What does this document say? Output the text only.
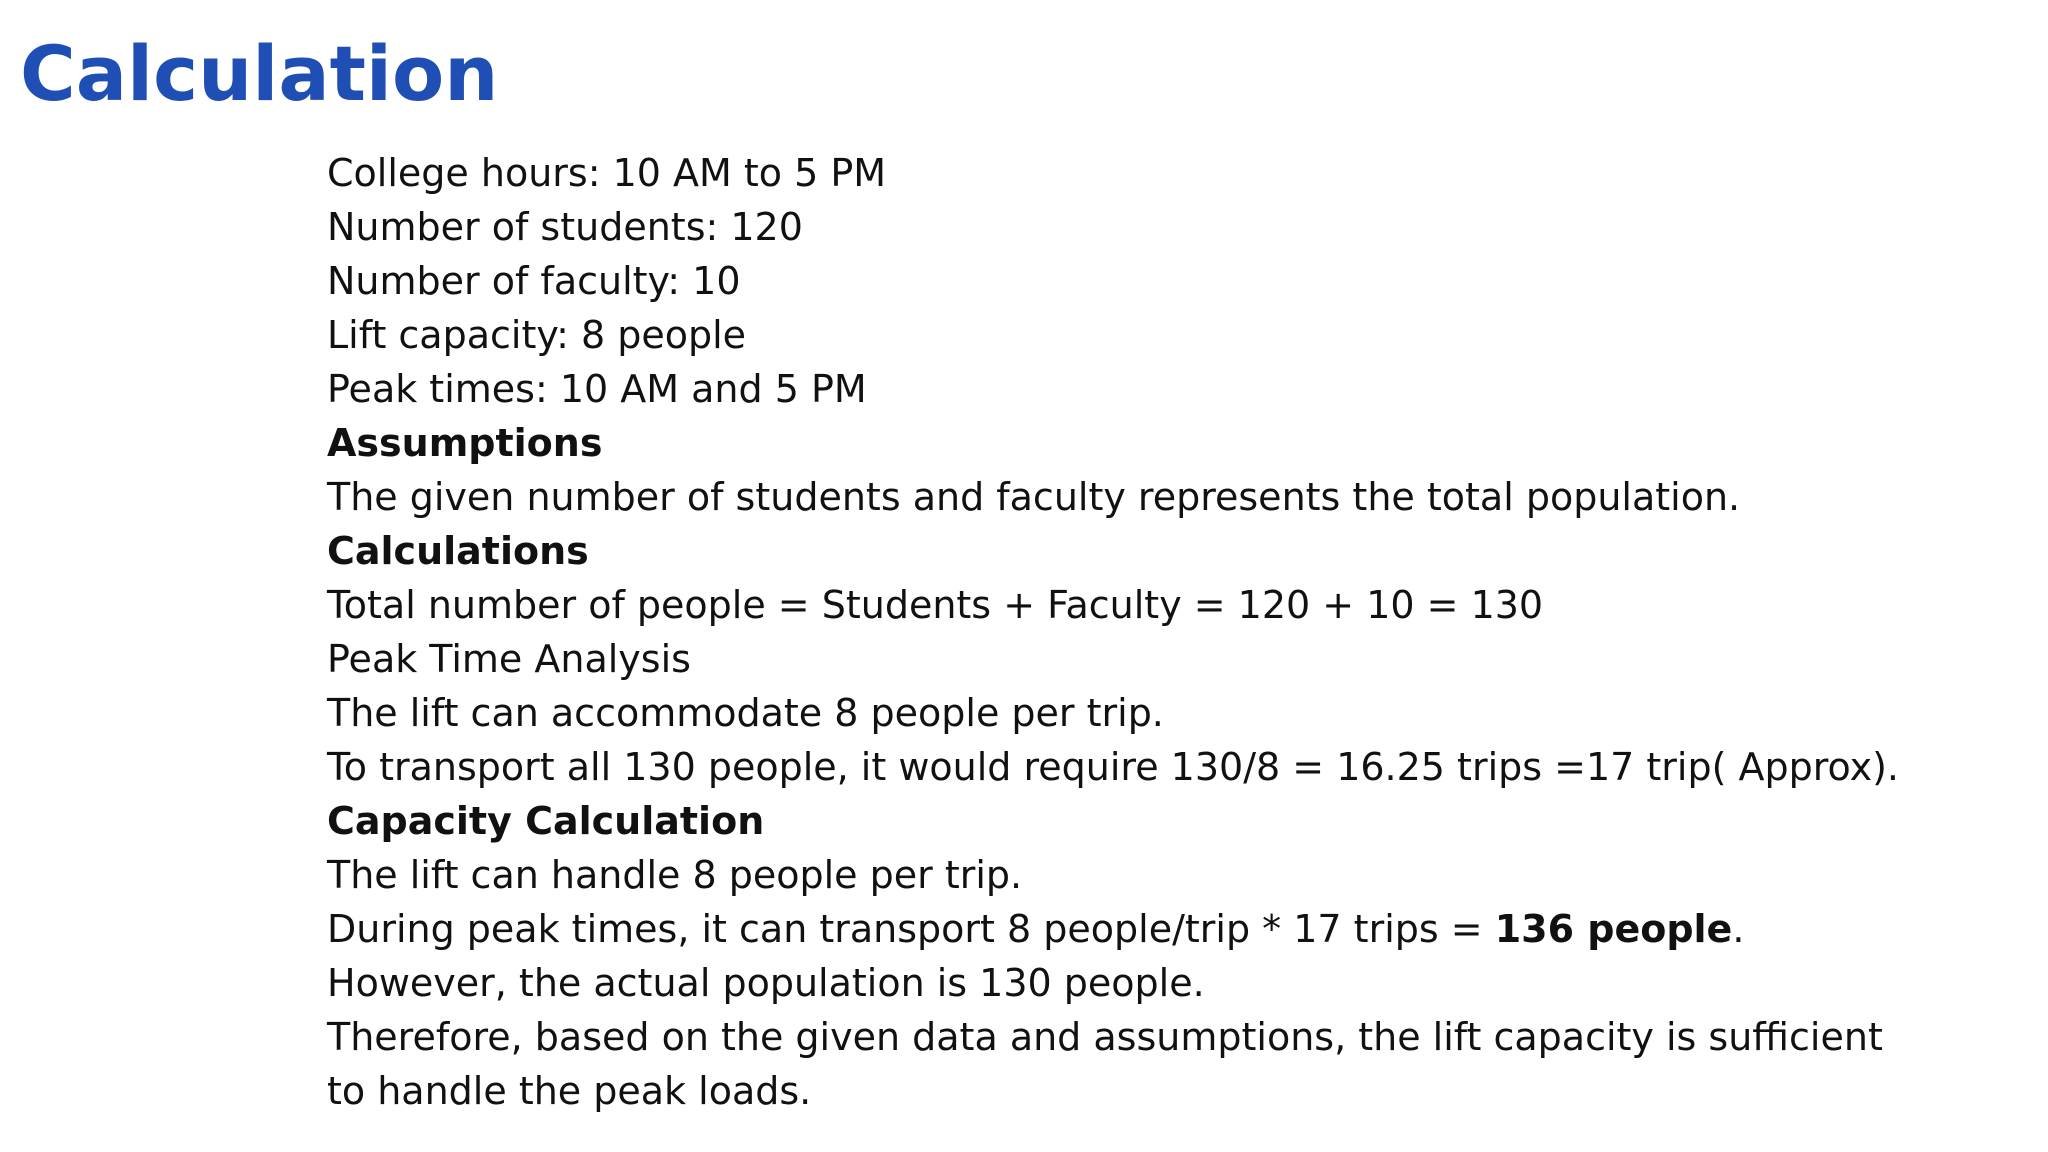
Calculation

College hours: 10 AM to 5 PM

Number of students: 120

Number of faculty: 10

Lift capacity: 8 people

Peak times: 10 AM and 5 PM

Assumptions

The given number of students and faculty represents the total population.

Calculations

Total number of people = Students + Faculty = 120 + 10 = 130

Peak Time Analysis

The lift can accommodate 8 people per trip.

To transport all 130 people, it would require 130/8 = 16.25 trips =17 trip( Approx).

Capacity Calculation

The lift can handle 8 people per trip.

During peak times, it can transport 8 people/trip * 17 trips = 136 people.

However, the actual population is 130 people.

Therefore, based on the given data and assumptions, the lift capacity is sufficient to handle the peak loads.
